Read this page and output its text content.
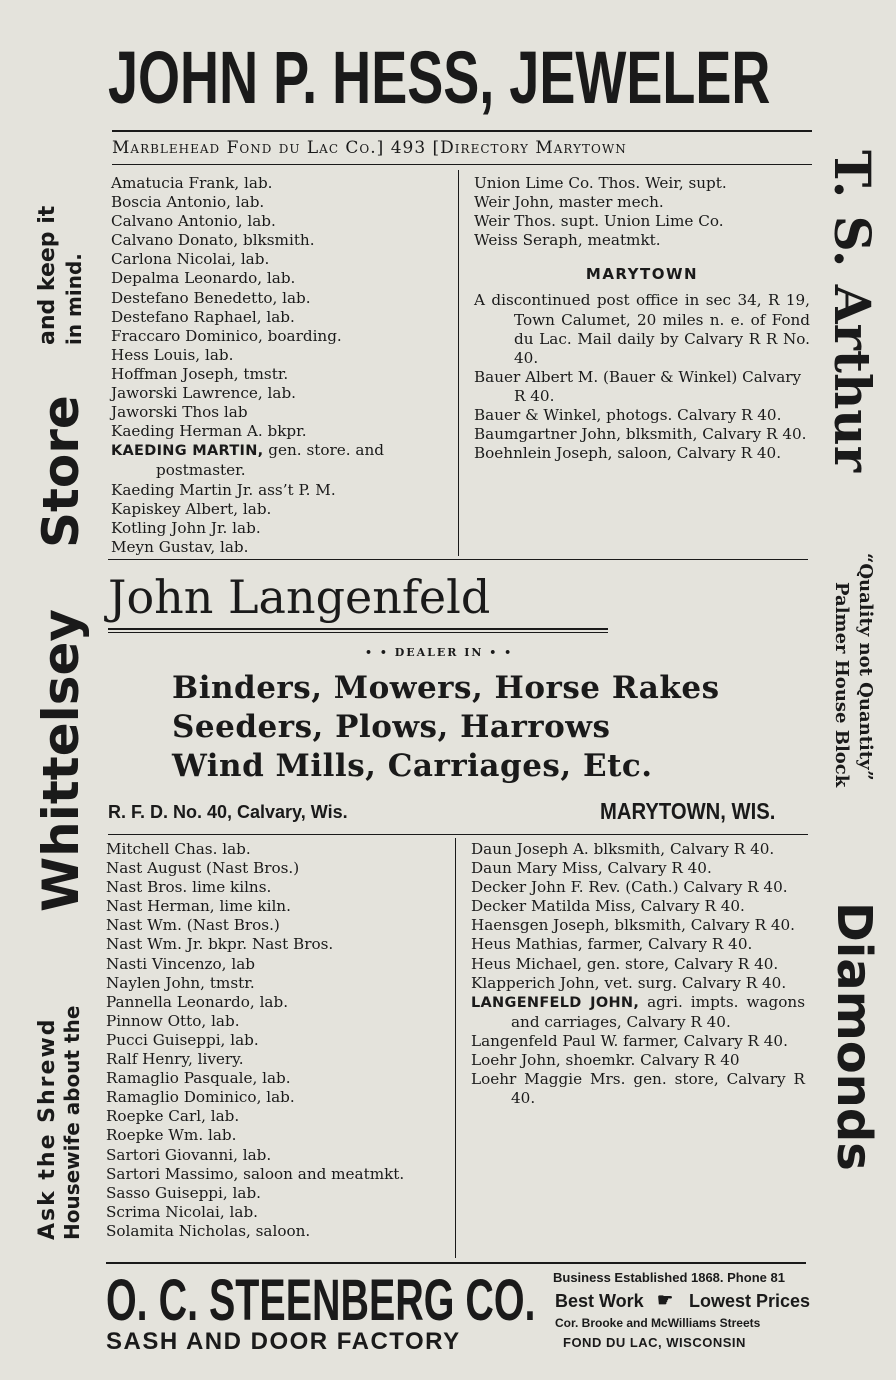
JOHN P. HESS, JEWELER
Marblehead Fond du Lac Co.] 493 [Directory Marytown
Ask the Shrewd Housewife about the
Whittelsey
Store
and keep it in mind.	T. S. Arthur
“Quality not Quantity”
Palmer House Block
Diamonds
Amatucia Frank, lab.
Boscia Antonio, lab.
Calvano Antonio, lab.
Calvano Donato, blksmith.
Carlona Nicolai, lab.
Depalma Leonardo, lab.
Destefano Benedetto, lab.
Destefano Raphael, lab.
Fraccaro Dominico, boarding.
Hess Louis, lab.
Hoffman Joseph, tmstr.
Jaworski Lawrence, lab.
Jaworski Thos lab
Kaeding Herman A. bkpr.
KAEDING MARTIN, gen. store. and postmaster.
Kaeding Martin Jr. ass’t P. M.
Kapiskey Albert, lab.
Kotling John Jr. lab.
Meyn Gustav, lab.
Union Lime Co. Thos. Weir, supt.
Weir John, master mech.
Weir Thos. supt. Union Lime Co.
Weiss Seraph, meatmkt.
MARYTOWN
A discontinued post office in sec 34, R 19, Town Calumet, 20 miles n. e. of Fond du Lac. Mail daily by Calvary R R No. 40.
Bauer Albert M. (Bauer & Winkel) Calvary R 40.
Bauer & Winkel, photogs. Calvary R 40.
Baumgartner John, blksmith, Calvary R 40.
Boehnlein Joseph, saloon, Calvary R 40.
John Langenfeld
• • DEALER IN • •
Binders, Mowers, Horse Rakes
Seeders, Plows, Harrows
Wind Mills, Carriages, Etc.
R. F. D. No. 40, Calvary, Wis.	MARYTOWN, WIS.
Mitchell Chas. lab.
Nast August (Nast Bros.)
Nast Bros. lime kilns.
Nast Herman, lime kiln.
Nast Wm. (Nast Bros.)
Nast Wm. Jr. bkpr. Nast Bros.
Nasti Vincenzo, lab
Naylen John, tmstr.
Pannella Leonardo, lab.
Pinnow Otto, lab.
Pucci Guiseppi, lab.
Ralf Henry, livery.
Ramaglio Pasquale, lab.
Ramaglio Dominico, lab.
Roepke Carl, lab.
Roepke Wm. lab.
Sartori Giovanni, lab.
Sartori Massimo, saloon and meatmkt.
Sasso Guiseppi, lab.
Scrima Nicolai, lab.
Solamita Nicholas, saloon.
Daun Joseph A. blksmith, Calvary R 40.
Daun Mary Miss, Calvary R 40.
Decker John F. Rev. (Cath.) Calvary R 40.
Decker Matilda Miss, Calvary R 40.
Haensgen Joseph, blksmith, Calvary R 40.
Heus Mathias, farmer, Calvary R 40.
Heus Michael, gen. store, Calvary R 40.
Klapperich John, vet. surg. Calvary R 40.
LANGENFELD JOHN, agri. impts. wagons and carriages, Calvary R 40.
Langenfeld Paul W. farmer, Calvary R 40.
Loehr John, shoemkr. Calvary R 40
Loehr Maggie Mrs. gen. store, Calvary R 40.
O. C. STEENBERG CO.
SASH AND DOOR FACTORY
Business Established 1868. Phone 81
Best Work ☛ Lowest Prices
Cor. Brooke and McWilliams Streets
FOND DU LAC, WISCONSIN
